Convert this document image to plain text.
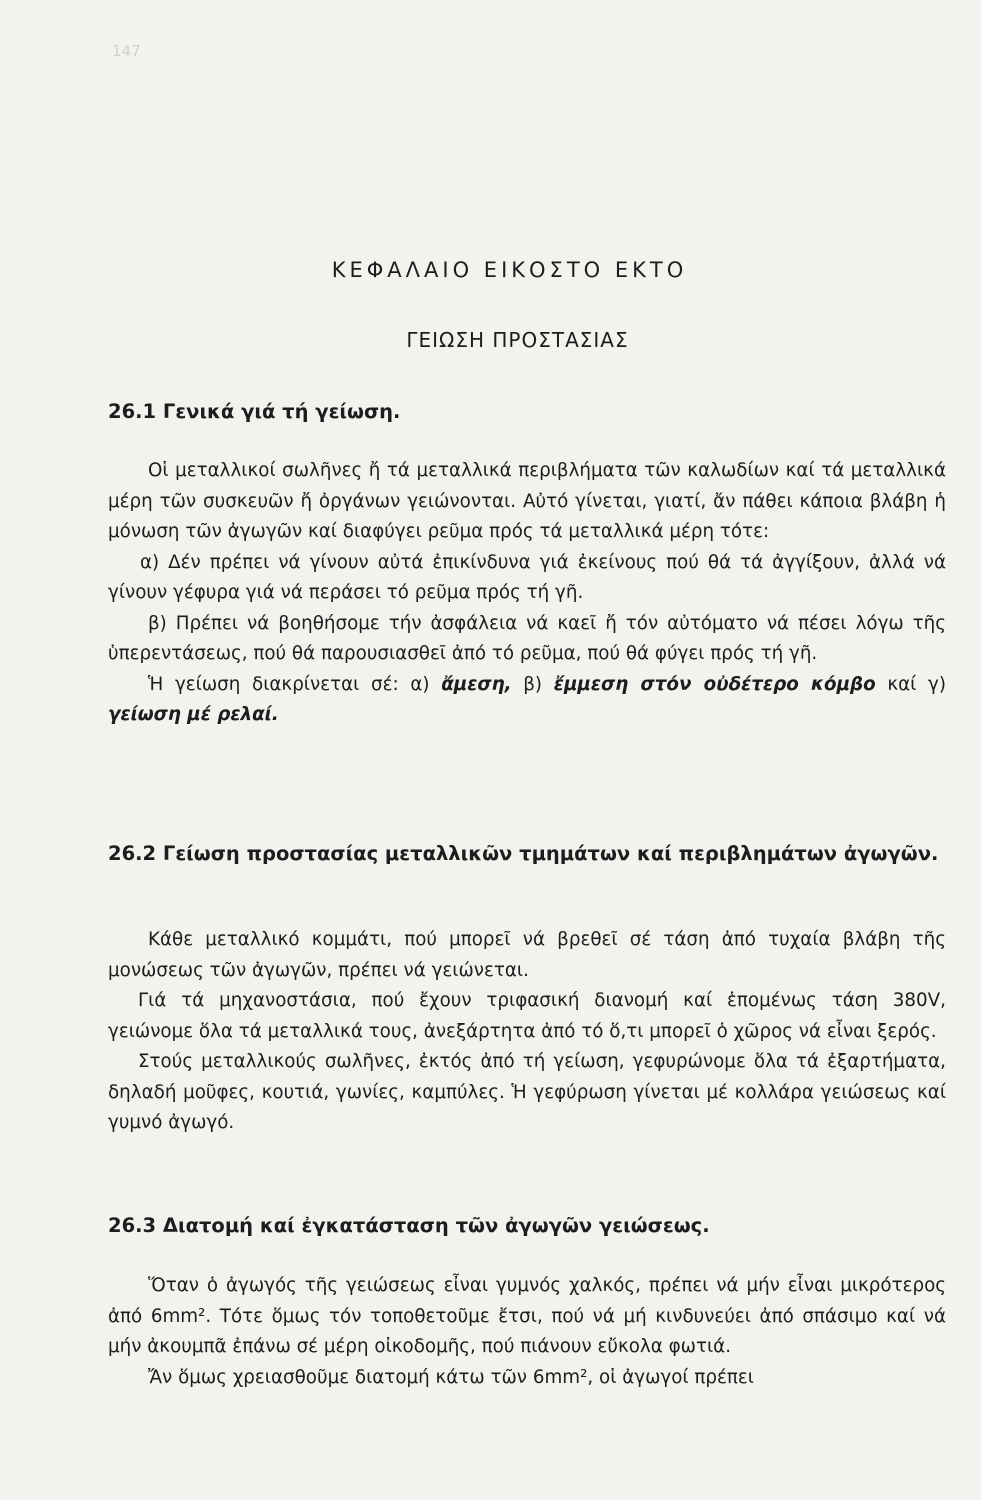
147
ΚΕΦΑΛΑΙΟ ΕΙΚΟΣΤΟ ΕΚΤΟ
ΓΕΙΩΣΗ ΠΡΟΣΤΑΣΙΑΣ
26.1 Γενικά γιά τή γείωση.
Οἱ μεταλλικοί σωλῆνες ἤ τά μεταλλικά περιβλήματα τῶν καλωδίων καί τά μεταλλικά μέρη τῶν συσκευῶν ἤ ὀργάνων γειώνονται. Αὐτό γίνεται, γιατί, ἄν πάθει κάποια βλάβη ἡ μόνωση τῶν ἀγωγῶν καί διαφύγει ρεῦμα πρός τά μεταλλικά μέρη τότε:
α) Δέν πρέπει νά γίνουν αὐτά ἐπικίνδυνα γιά ἐκείνους πού θά τά ἀγγίξουν, ἀλλά νά γίνουν γέφυρα γιά νά περάσει τό ρεῦμα πρός τή γῆ.
β) Πρέπει νά βοηθήσομε τήν ἀσφάλεια νά καεῖ ἤ τόν αὐτόματο νά πέσει λόγω τῆς ὑπερεντάσεως, πού θά παρουσιασθεῖ ἀπό τό ρεῦμα, πού θά φύγει πρός τή γῆ.
Ἡ γείωση διακρίνεται σέ: α) ἄμεση, β) ἔμμεση στόν οὐδέτερο κόμβο καί γ) γείωση μέ ρελαί.
26.2 Γείωση προστασίας μεταλλικῶν τμημάτων καί περιβλημάτων ἀγωγῶν.
Κάθε μεταλλικό κομμάτι, πού μπορεῖ νά βρεθεῖ σέ τάση ἀπό τυχαία βλάβη τῆς μονώσεως τῶν ἀγωγῶν, πρέπει νά γειώνεται.
Γιά τά μηχανοστάσια, πού ἔχουν τριφασική διανομή καί ἑπομένως τάση 380V, γειώνομε ὅλα τά μεταλλικά τους, ἀνεξάρτητα ἀπό τό ὅ,τι μπορεῖ ὁ χῶρος νά εἶναι ξερός.
Στούς μεταλλικούς σωλῆνες, ἐκτός ἀπό τή γείωση, γεφυρώνομε ὅλα τά ἐξαρτήματα, δηλαδή μοῦφες, κουτιά, γωνίες, καμπύλες. Ἡ γεφύρωση γίνεται μέ κολλάρα γειώσεως καί γυμνό ἀγωγό.
26.3 Διατομή καί ἐγκατάσταση τῶν ἀγωγῶν γειώσεως.
Ὅταν ὁ ἀγωγός τῆς γειώσεως εἶναι γυμνός χαλκός, πρέπει νά μήν εἶναι μικρότερος ἀπό 6mm². Τότε ὅμως τόν τοποθετοῦμε ἔτσι, πού νά μή κινδυνεύει ἀπό σπάσιμο καί νά μήν ἀκουμπᾶ ἐπάνω σέ μέρη οἰκοδομῆς, πού πιάνουν εὔκολα φωτιά.
Ἄν ὅμως χρειασθοῦμε διατομή κάτω τῶν 6mm², οἱ ἀγωγοί πρέπει
